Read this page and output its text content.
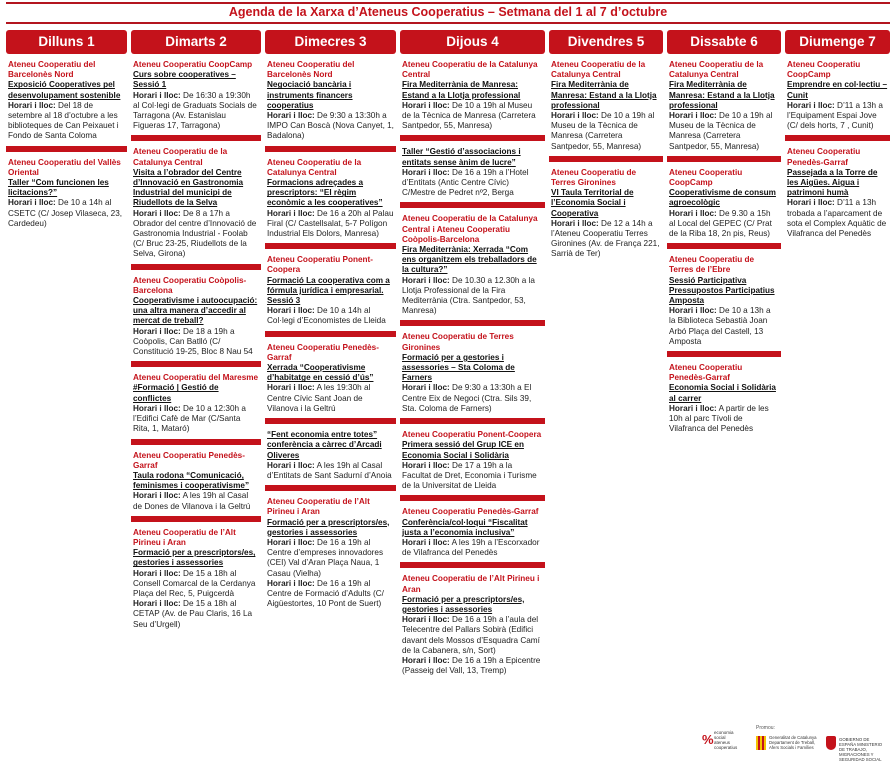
Agenda de la Xarxa d’Ateneus Cooperatius – Setmana del 1 al 7 d’octubre
Dilluns 1
Ateneu Cooperatiu del Barcelonès Nord
Exposició Cooperatives pel desenvolupament sostenible
Horari i lloc: Del 18 de setembre al 18 d’octubre a les biblioteques de Can Peixauet i Fondo de Santa Coloma
Ateneu Cooperatiu del Vallès Oriental
Taller “Com funcionen les licitacions?”
Horari i lloc: De 10 a 14h al CSETC (C/ Josep Vilaseca, 23, Cardedeu)
Dimarts 2
Ateneu Cooperatiu CoopCamp
Curs sobre cooperatives – Sessió 1
Horari i lloc: De 16:30 a 19:30h al Col·legi de Graduats Socials de Tarragona (Av. Estanislau Figueras 17, Tarragona)
Ateneu Cooperatiu de la Catalunya Central
Visita a l’obrador del Centre d’Innovació en Gastronomia Industrial del municipi de Riudellots de la Selva
Horari i lloc: De 8 a 17h a Obrador del centre d’Innovació de Gastronomia Industrial - Foolab (C/ Bruc 23-25, Riudellots de la Selva, Girona)
Ateneu Cooperatiu Coòpolis-Barcelona
Cooperativisme i autoocupació: una altra manera d’accedir al mercat de treball?
Horari i lloc: De 18 a 19h a Coòpolis, Can Batlló (C/ Constitució 19-25, Bloc 8 Nau 54
Ateneu Cooperatiu del Maresme
#Formació | Gestió de conflictes
Horari i lloc: De 10 a 12:30h a l’Edifici Cafè de Mar (C/Santa Rita, 1, Mataró)
Ateneu Cooperatiu Penedès-Garraf
Taula rodona “Comunicació, feminismes i cooperativisme”
Horari i lloc: A les 19h al Casal de Dones de Vilanova i la Geltrú
Ateneu Cooperatiu de l’Alt Pirineu i Aran
Formació per a prescriptors/es, gestories i assessories
Horari i lloc: De 15 a 18h al Consell Comarcal de la Cerdanya Plaça del Rec, 5, Puigcerdà
Horari i lloc: De 15 a 18h al CETAP (Av. de Pau Claris, 16 La Seu d’Urgell)
Dimecres 3
Ateneu Cooperatiu del Barcelonès Nord
Negociació bancària i instruments financers cooperatius
Horari i lloc: De 9:30 a 13:30h a IMPO Can Boscà (Nova Canyet, 1, Badalona)
Ateneu Cooperatiu de la Catalunya Central
Formacions adreçades a prescriptors: “El règim econòmic a les cooperatives”
Horari i lloc: De 16 a 20h al Palau Firal (C/ Castellsalat, 5-7 Polígon Industrial Els Dolors, Manresa)
Ateneu Cooperatiu Ponent-Coopera
Formació La cooperativa com a fórmula jurídica i empresarial. Sessió 3
Horari i lloc: De 10 a 14h al Col·legi d’Economistes de Lleida
Ateneu Cooperatiu Penedès-Garraf
Xerrada “Cooperativisme d’habitatge en cessió d’ús”
Horari i lloc: A les 19:30h al Centre Cívic Sant Joan de Vilanova i la Geltrú
“Fent economia entre totes” conferència a càrrec d’Arcadi Oliveres
Horari i lloc: A les 19h al Casal d’Entitats de Sant Sadurní d’Anoia
Ateneu Cooperatiu de l’Alt Pirineu i Aran
Formació per a prescriptors/es, gestories i assessories
Horari i lloc: De 16 a 19h al Centre d’empreses innovadores (CEI) Val d’Aran Plaça Naua, 1 Casau (Vielha)
Horari i lloc: De 16 a 19h al Centre de Formació d’Adults (C/ Aigüestortes, 10 Pont de Suert)
Dijous 4
Ateneu Cooperatiu de la Catalunya Central
Fira Mediterrània de Manresa: Estand a la Llotja professional
Horari i lloc: De 10 a 19h al Museu de la Tècnica de Manresa (Carretera Santpedor, 55, Manresa)
Taller “Gestió d’associacions i entitats sense ànim de lucre”
Horari i lloc: De 16 a 19h a l’Hotel d’Entitats (Antic Centre Cívic) C/Mestre de Pedret nº2, Berga
Ateneu Cooperatiu de la Catalunya Central i Ateneu Cooperatiu Coòpolis-Barcelona
Fira Mediterrània: Xerrada “Com ens organitzem els treballadors de la cultura?”
Horari i lloc: De 10.30 a 12.30h a la Llotja Professional de la Fira Mediterrània (Ctra. Santpedor, 53, Manresa)
Ateneu Cooperatiu de Terres Gironines
Formació per a gestories i assessories – Sta Coloma de Farners
Horari i lloc: De 9:30 a 13:30h a El Centre Eix de Negoci (Ctra. Sils 39, Sta. Coloma de Farners)
Ateneu Cooperatiu Ponent-Coopera
Primera sessió del Grup ICE en Economia Social i Solidària
Horari i lloc: De 17 a 19h a la Facultat de Dret, Economia i Turisme de la Universitat de Lleida
Ateneu Cooperatiu Penedès-Garraf
Conferència/col·loqui “Fiscalitat justa a l’economia inclusiva”
Horari i lloc: A les 19h a l’Escorxador de Vilafranca del Penedès
Ateneu Cooperatiu de l’Alt Pirineu i Aran
Formació per a prescriptors/es, gestories i assessories
Horari i lloc: De 16 a 19h a l’aula del Telecentre del Pallars Sobirà (Edifici davant dels Mossos d’Esquadra Camí de la Cabanera, s/n, Sort)
Horari i lloc: De 16 a 19h a Epicentre (Passeig del Vall, 13, Tremp)
Divendres 5
Ateneu Cooperatiu de la Catalunya Central
Fira Mediterrània de Manresa: Estand a la Llotja professional
Horari i lloc: De 10 a 19h al Museu de la Tècnica de Manresa (Carretera Santpedor, 55, Manresa)
Ateneu Cooperatiu de Terres Gironines
VI Taula Territorial de l’Economia Social i Cooperativa
Horari i lloc: De 12 a 14h a l’Ateneu Cooperatiu Terres Gironines (Av. de França 221, Sarrià de Ter)
Dissabte 6
Ateneu Cooperatiu de la Catalunya Central
Fira Mediterrània de Manresa: Estand a la Llotja professional
Horari i lloc: De 10 a 19h al Museu de la Tècnica de Manresa (Carretera Santpedor, 55, Manresa)
Ateneu Cooperatiu CoopCamp
Cooperativisme de consum agroecològic
Horari i lloc: De 9.30 a 15h al Local del GEPEC (C/ Prat de la Riba 18, 2n pis, Reus)
Ateneu Cooperatiu de Terres de l’Ebre
Sessió Participativa Pressupostos Participatius Amposta
Horari i lloc: De 10 a 13h a la Biblioteca Sebastià Joan Arbó Plaça del Castell, 13 Amposta
Ateneu Cooperatiu Penedès-Garraf
Economia Social i Solidària al carrer
Horari i lloc: A partir de les 10h al parc Tívoli de Vilafranca del Penedès
Diumenge 7
Ateneu Cooperatiu CoopCamp
Emprendre en col·lectiu – Cunit
Horari i lloc: D’11 a 13h a l’Equipament Espai Jove (C/ dels horts, 7 , Cunit)
Ateneu Cooperatiu Penedès-Garraf
Passejada a la Torre de les Aigües. Aigua i patrimoni humà
Horari i lloc: D’11 a 13h trobada a l’aparcament de sota el Complex Aquàtic de Vilafranca del Penedès
% economia social ateneus cooperatius
Promou:
Generalitat de Catalunya Departament de Treball, Afers Socials i Famílies
GOBIERNO DE ESPAÑA MINISTERIO DE TRABAJO, MIGRACIONES Y SEGURIDAD SOCIAL
